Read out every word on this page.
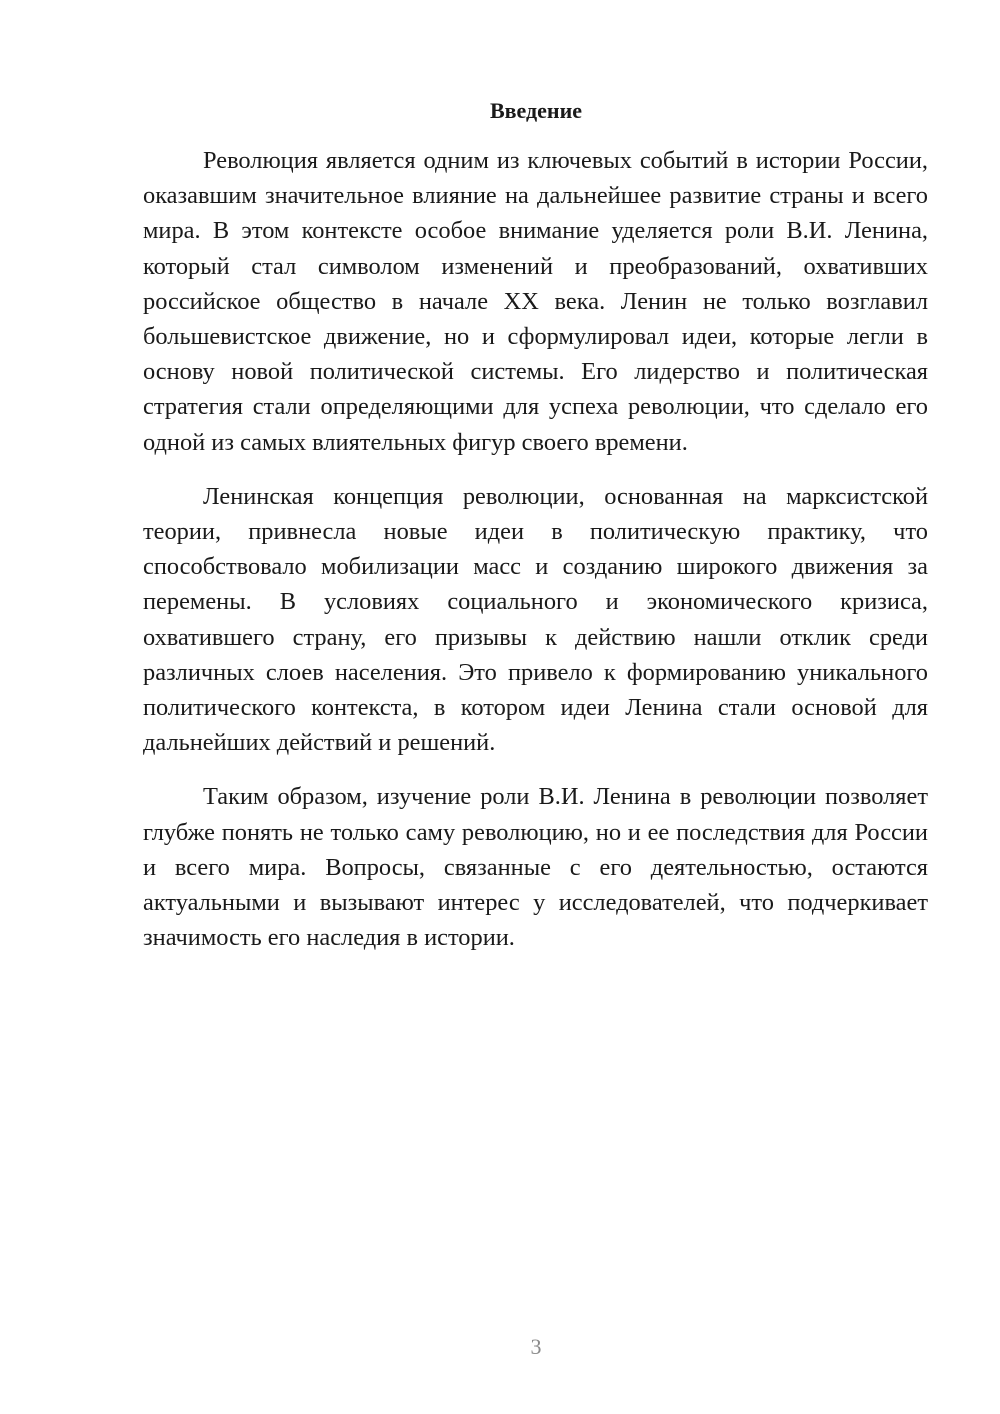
Введение

Революция является одним из ключевых событий в истории России, оказавшим значительное влияние на дальнейшее развитие страны и всего мира. В этом контексте особое внимание уделяется роли В.И. Ленина, который стал символом изменений и преобразований, охвативших российское общество в начале XX века. Ленин не только возглавил большевистское движение, но и сформулировал идеи, которые легли в основу новой политической системы. Его лидерство и политическая стратегия стали определяющими для успеха революции, что сделало его одной из самых влиятельных фигур своего времени.

Ленинская концепция революции, основанная на марксистской теории, привнесла новые идеи в политическую практику, что способствовало мобилизации масс и созданию широкого движения за перемены. В условиях социального и экономического кризиса, охватившего страну, его призывы к действию нашли отклик среди различных слоев населения. Это привело к формированию уникального политического контекста, в котором идеи Ленина стали основой для дальнейших действий и решений.

Таким образом, изучение роли В.И. Ленина в революции позволяет глубже понять не только саму революцию, но и ее последствия для России и всего мира. Вопросы, связанные с его деятельностью, остаются актуальными и вызывают интерес у исследователей, что подчеркивает значимость его наследия в истории.

3
